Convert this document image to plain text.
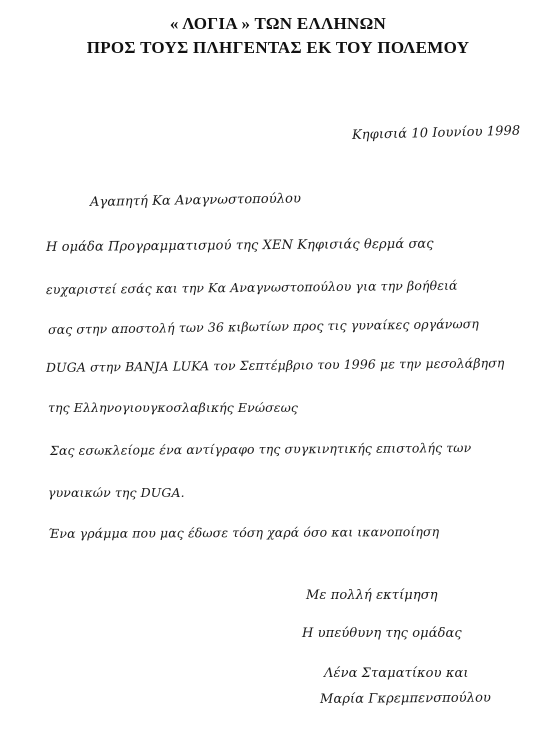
« ΛΟΓΙΑ » ΤΩΝ ΕΛΛΗΝΩΝ
ΠΡΟΣ ΤΟΥΣ ΠΛΗΓΕΝΤΑΣ ΕΚ ΤΟΥ ΠΟΛΕΜΟΥ
Κηφισιά 10 Ιουνίου 1998
Αγαπητή Κα Αναγνωστοπούλου
Η ομάδα Προγραμματισμού της ΧΕΝ Κηφισιάς θερμά σας
ευχαριστεί εσάς και την Κα Αναγνωστοπούλου για την βοήθειά
σας στην αποστολή των 36 κιβωτίων προς τις γυναίκες οργάνωση
DUGA στην BANJA LUKA τον Σεπτέμβριο του 1996 με την μεσολάβηση
της Ελληνογιουγκοσλαβικής Ενώσεως
Σας εσωκλείομε ένα αντίγραφο της συγκινητικής επιστολής των
γυναικών της DUGA.
Ένα γράμμα που μας έδωσε τόση χαρά όσο και ικανοποίηση
Με πολλή εκτίμηση
Η υπεύθυνη της ομάδας
Λένα Σταματίκου και
Μαρία Γκρεμπενσπούλου
